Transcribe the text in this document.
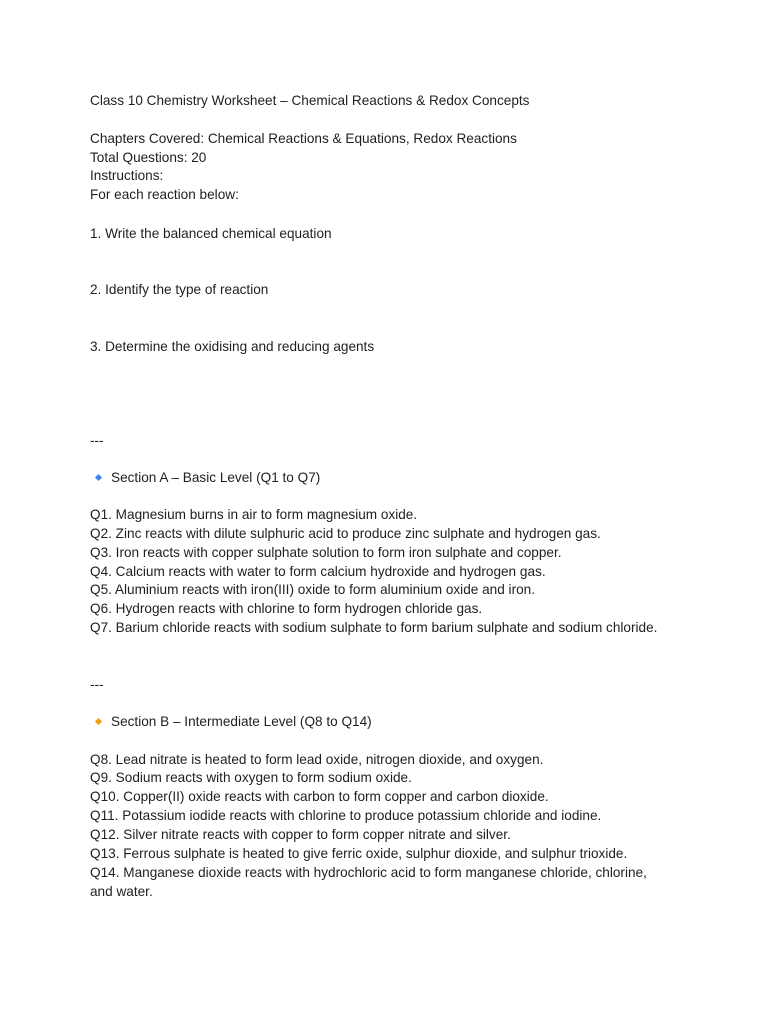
Class 10 Chemistry Worksheet – Chemical Reactions & Redox Concepts
Chapters Covered: Chemical Reactions & Equations, Redox Reactions
Total Questions: 20
Instructions:
For each reaction below:
1. Write the balanced chemical equation
2. Identify the type of reaction
3. Determine the oxidising and reducing agents
---
Section A – Basic Level (Q1 to Q7)
Q1. Magnesium burns in air to form magnesium oxide.
Q2. Zinc reacts with dilute sulphuric acid to produce zinc sulphate and hydrogen gas.
Q3. Iron reacts with copper sulphate solution to form iron sulphate and copper.
Q4. Calcium reacts with water to form calcium hydroxide and hydrogen gas.
Q5. Aluminium reacts with iron(III) oxide to form aluminium oxide and iron.
Q6. Hydrogen reacts with chlorine to form hydrogen chloride gas.
Q7. Barium chloride reacts with sodium sulphate to form barium sulphate and sodium chloride.
---
Section B – Intermediate Level (Q8 to Q14)
Q8. Lead nitrate is heated to form lead oxide, nitrogen dioxide, and oxygen.
Q9. Sodium reacts with oxygen to form sodium oxide.
Q10. Copper(II) oxide reacts with carbon to form copper and carbon dioxide.
Q11. Potassium iodide reacts with chlorine to produce potassium chloride and iodine.
Q12. Silver nitrate reacts with copper to form copper nitrate and silver.
Q13. Ferrous sulphate is heated to give ferric oxide, sulphur dioxide, and sulphur trioxide.
Q14. Manganese dioxide reacts with hydrochloric acid to form manganese chloride, chlorine, and water.
